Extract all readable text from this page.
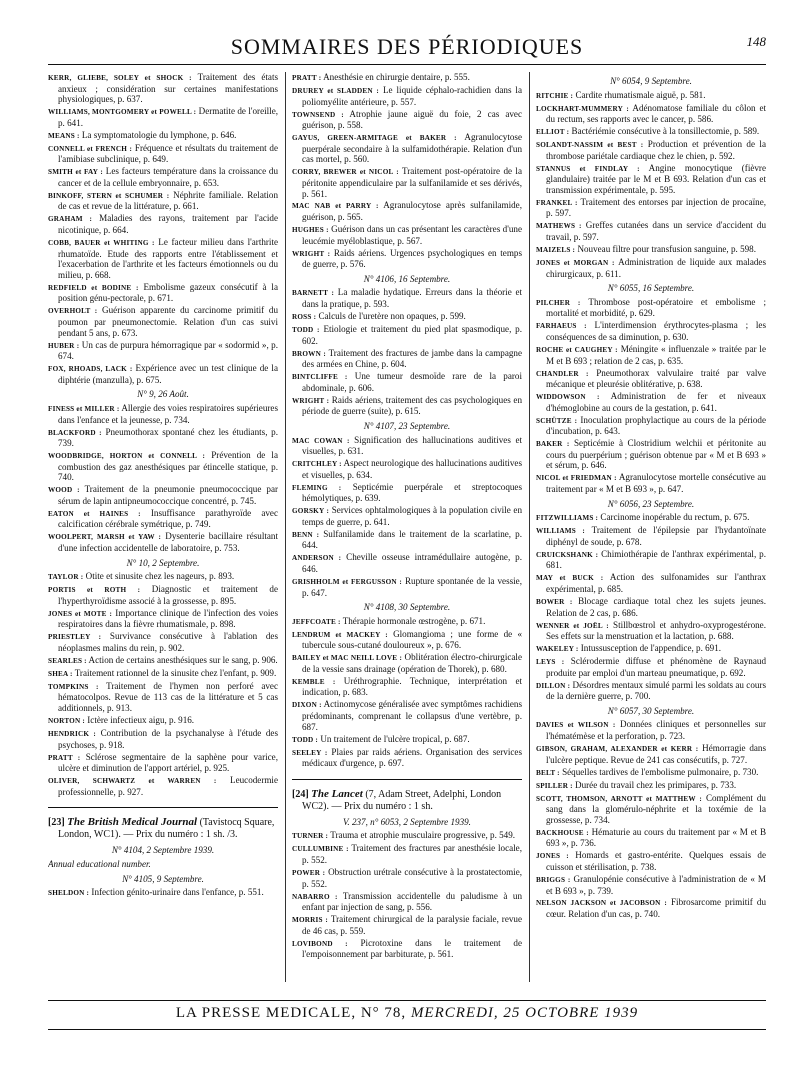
SOMMAIRES DES PÉRIODIQUES	148
KERR, GLIEBE, SOLEY et SHOCK : Traitement des états anxieux ; considération sur certaines manifestations physiologiques, p. 637.
WILLIAMS, MONTGOMERY et POWELL : Dermatite de l'oreille, p. 641.
MEANS : La symptomatologie du lymphone, p. 646.
CONNELL et FRENCH : Fréquence et résultats du traitement de l'amibiase subclinique, p. 649.
SMITH et FAY : Les facteurs température dans la croissance du cancer et de la cellule embryonnaire, p. 653.
BINKOFF, STERN et SCHUMER : Néphrite familiale. Relation de cas et revue de la littérature, p. 661.
GRAHAM : Maladies des rayons, traitement par l'acide nicotinique, p. 664.
COBB, BAUER et WHITING : Le facteur milieu dans l'arthrite rhumatoïde. Etude des rapports entre l'établissement et l'exacerbation de l'arthrite et les facteurs émotionnels ou du milieu, p. 668.
REDFIELD et BODINE : Embolisme gazeux consécutif à la position génu-pectorale, p. 671.
OVERHOLT : Guérison apparente du carcinome primitif du poumon par pneumonectomie. Relation d'un cas suivi pendant 5 ans, p. 673.
HUBER : Un cas de purpura hémorragique par « sodormid », p. 674.
FOX, RHOADS, LACK : Expérience avec un test clinique de la diphtérie (manzulla), p. 675.
N° 9, 26 Août.
FINESS et MILLER : Allergie des voies respiratoires supérieures dans l'enfance et la jeunesse, p. 734.
BLACKFORD : Pneumothorax spontané chez les étudiants, p. 739.
WOODBRIDGE, HORTON et CONNELL : Prévention de la combustion des gaz anesthésiques par étincelle statique, p. 740.
WOOD : Traitement de la pneumonie pneumococcique par sérum de lapin antipneumococcique concentré, p. 745.
EATON et HAINES : Insuffisance parathyroïde avec calcification cérébrale symétrique, p. 749.
WOOLPERT, MARSH et YAW : Dysenterie bacillaire résultant d'une infection accidentelle de laboratoire, p. 753.
N° 10, 2 Septembre.
TAYLOR : Otite et sinusite chez les nageurs, p. 893.
PORTIS et ROTH : Diagnostic et traitement de l'hyperthyroïdisme associé à la grossesse, p. 895.
JONES et MOTE : Importance clinique de l'infection des voies respiratoires dans la fièvre rhumatismale, p. 898.
PRIESTLEY : Survivance consécutive à l'ablation des néoplasmes malins du rein, p. 902.
SEARLES : Action de certains anesthésiques sur le sang, p. 906.
SHEA : Traitement rationnel de la sinusite chez l'enfant, p. 909.
TOMPKINS : Traitement de l'hymen non perforé avec hématocolpos. Revue de 113 cas de la littérature et 5 cas additionnels, p. 913.
NORTON : Ictère infectieux aigu, p. 916.
HENDRICK : Contribution de la psychanalyse à l'étude des psychoses, p. 918.
PRATT : Sclérose segmentaire de la saphène pour varice, ulcère et diminution de l'apport artériel, p. 925.
OLIVER, SCHWARTZ et WARREN : Leucodermie professionnelle, p. 927.
[23] The British Medical Journal (Tavistocq Square, London, WC1). — Prix du numéro : 1 sh. /3.
N° 4104, 2 Septembre 1939.
Annual educational number.
N° 4105, 9 Septembre.
SHELDON : Infection génito-urinaire dans l'enfance, p. 551.
PRATT : Anesthésie en chirurgie dentaire, p. 555.
DRUREY et SLADDEN : Le liquide céphalo-rachidien dans la poliomyélite antérieure, p. 557.
TOWNSEND : Atrophie jaune aiguë du foie, 2 cas avec guérison, p. 558.
GAYUS, GREEN-ARMITAGE et BAKER : Agranulocytose puerpérale secondaire à la sulfamidothérapie. Relation d'un cas mortel, p. 560.
CORRY, BREWER et NICOL : Traitement post-opératoire de la péritonite appendiculaire par la sulfanilamide et ses dérivés, p. 561.
MAC NAB et PARRY : Agranulocytose après sulfanilamide, guérison, p. 565.
HUGHES : Guérison dans un cas présentant les caractères d'une leucémie myéloblastique, p. 567.
WRIGHT : Raids aériens. Urgences psychologiques en temps de guerre, p. 576.
N° 4106, 16 Septembre.
BARNETT : La maladie hydatique. Erreurs dans la théorie et dans la pratique, p. 593.
ROSS : Calculs de l'uretère non opaques, p. 599.
TODD : Etiologie et traitement du pied plat spasmodique, p. 602.
BROWN : Traitement des fractures de jambe dans la campagne des armées en Chine, p. 604.
BINTCLIFFE : Une tumeur desmoïde rare de la paroi abdominale, p. 606.
WRIGHT : Raids aériens, traitement des cas psychologiques en période de guerre (suite), p. 615.
N° 4107, 23 Septembre.
MAC COWAN : Signification des hallucinations auditives et visuelles, p. 631.
CRITCHLEY : Aspect neurologique des hallucinations auditives et visuelles, p. 634.
FLEMING : Septicémie puerpérale et streptocoques hémolytiques, p. 639.
GORSKY : Services ophtalmologiques à la population civile en temps de guerre, p. 641.
BENN : Sulfanilamide dans le traitement de la scarlatine, p. 644.
ANDERSON : Cheville osseuse intramédullaire autogène, p. 646.
GRISHHOLM et FERGUSSON : Rupture spontanée de la vessie, p. 647.
N° 4108, 30 Septembre.
JEFFCOATE : Thérapie hormonale œstrogène, p. 671.
LENDRUM et MACKEY : Glomangioma ; une forme de « tubercule sous-cutané douloureux », p. 676.
BAILEY et MAC NEILL LOVE : Oblitération électro-chirurgicale de la vessie sans drainage (opération de Thorek), p. 680.
KEMBLE : Uréthrographie. Technique, interprétation et indication, p. 683.
DIXON : Actinomycose généralisée avec symptômes rachidiens prédominants, comprenant le collapsus d'une vertèbre, p. 687.
TODD : Un traitement de l'ulcère tropical, p. 687.
SEELEY : Plaies par raids aériens. Organisation des services médicaux d'urgence, p. 697.
[24] The Lancet (7, Adam Street, Adelphi, London WC2). — Prix du numéro : 1 sh.
V. 237, n° 6053, 2 Septembre 1939.
TURNER : Trauma et atrophie musculaire progressive, p. 549.
CULLUMBINE : Traitement des fractures par anesthésie locale, p. 552.
POWER : Obstruction urétrale consécutive à la prostatectomie, p. 552.
NABARRO : Transmission accidentelle du paludisme à un enfant par injection de sang, p. 556.
MORRIS : Traitement chirurgical de la paralysie faciale, revue de 46 cas, p. 559.
LOVIBOND : Picrotoxine dans le traitement de l'empoisonnement par barbiturate, p. 561.
N° 6054, 9 Septembre.
RITCHIE : Cardite rhumatismale aiguë, p. 581.
LOCKHART-MUMMERY : Adénomatose familiale du côlon et du rectum, ses rapports avec le cancer, p. 586.
ELLIOT : Bactériémie consécutive à la tonsillectomie, p. 589.
SOLANDT-NASSIM et BEST : Production et prévention de la thrombose pariétale cardiaque chez le chien, p. 592.
STANNUS et FINDLAY : Angine monocytique (fièvre glandulaire) traitée par le M et B 693. Relation d'un cas et transmission expérimentale, p. 595.
FRANKEL : Traitement des entorses par injection de procaïne, p. 597.
MATHEWS : Greffes cutanées dans un service d'accident du travail, p. 597.
MAIZELS : Nouveau filtre pour transfusion sanguine, p. 598.
JONES et MORGAN : Administration de liquide aux malades chirurgicaux, p. 611.
N° 6055, 16 Septembre.
PILCHER : Thrombose post-opératoire et embolisme ; mortalité et morbidité, p. 629.
FARHAEUS : L'interdimension érythrocytes-plasma ; les conséquences de sa diminution, p. 630.
ROCHE et CAUGHEY : Méningite « influenzale » traitée par le M et B 693 ; relation de 2 cas, p. 635.
CHANDLER : Pneumothorax valvulaire traité par valve mécanique et pleurésie oblitérative, p. 638.
WIDDOWSON : Administration de fer et niveaux d'hémoglobine au cours de la gestation, p. 641.
SCHÜTZE : Inoculation prophylactique au cours de la période d'incubation, p. 643.
BAKER : Septicémie à Clostridium welchii et péritonite au cours du puerpérium ; guérison obtenue par « M et B 693 » et sérum, p. 646.
NICOL et FRIEDMAN : Agranulocytose mortelle consécutive au traitement par « M et B 693 », p. 647.
N° 6056, 23 Septembre.
FITZWILLIAMS : Carcinome inopérable du rectum, p. 675.
WILLIAMS : Traitement de l'épilepsie par l'hydantoïnate diphényl de soude, p. 678.
CRUICKSHANK : Chimiothérapie de l'anthrax expérimental, p. 681.
MAY et BUCK : Action des sulfonamides sur l'anthrax expérimental, p. 685.
BOWER : Blocage cardiaque total chez les sujets jeunes. Relation de 2 cas, p. 686.
WENNER et JOËL : Stillbœstrol et anhydro-oxyprogestérone. Ses effets sur la menstruation et la lactation, p. 688.
WAKELEY : Intussusception de l'appendice, p. 691.
LEYS : Sclérodermie diffuse et phénomène de Raynaud produite par emploi d'un marteau pneumatique, p. 692.
DILLON : Désordres mentaux simulé parmi les soldats au cours de la dernière guerre, p. 700.
N° 6057, 30 Septembre.
DAVIES et WILSON : Données cliniques et personnelles sur l'hématémèse et la perforation, p. 723.
GIBSON, GRAHAM, ALEXANDER et KERR : Hémorragie dans l'ulcère peptique. Revue de 241 cas consécutifs, p. 727.
BELT : Séquelles tardives de l'embolisme pulmonaire, p. 730.
SPILLER : Durée du travail chez les primipares, p. 733.
SCOTT, THOMSON, ARNOTT et MATTHEW : Complément du sang dans la glomérulo-néphrite et la toxémie de la grossesse, p. 734.
BACKHOUSE : Hématurie au cours du traitement par « M et B 693 », p. 736.
JONES : Homards et gastro-entérite. Quelques essais de cuisson et stérilisation, p. 738.
BRIGGS : Granulopénie consécutive à l'administration de « M et B 693 », p. 739.
NELSON JACKSON et JACOBSON : Fibrosarcome primitif du cœur. Relation d'un cas, p. 740.
LA PRESSE MEDICALE, N° 78, MERCREDI, 25 OCTOBRE 1939
